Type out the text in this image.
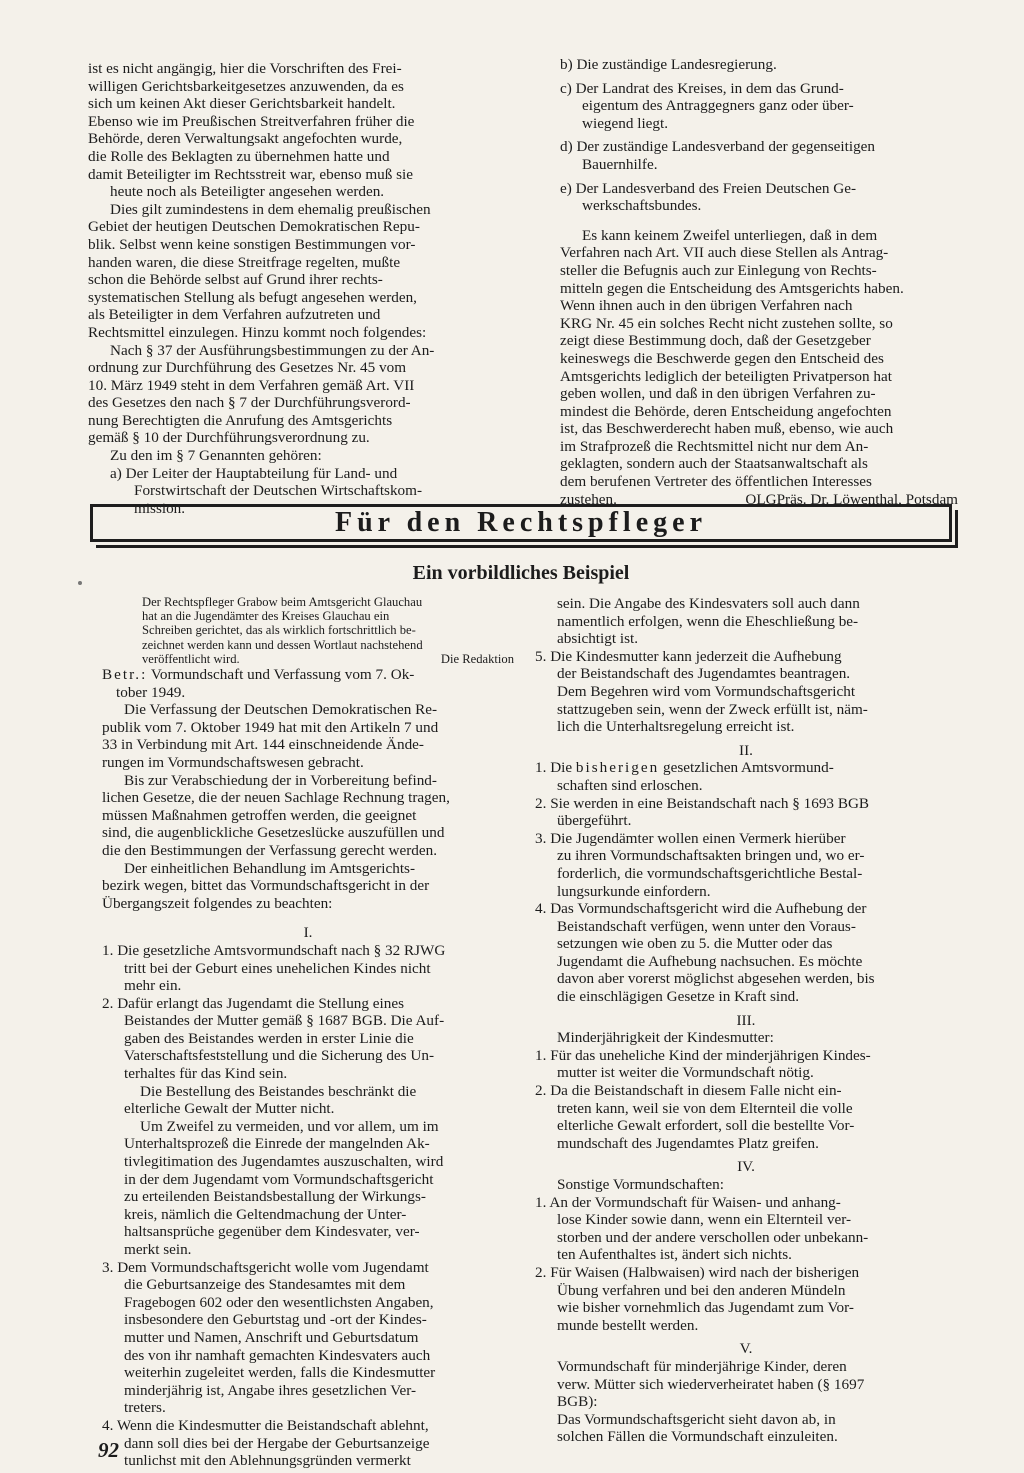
ist es nicht angängig, hier die Vorschriften des Frei-

willigen Gerichtsbarkeitgesetzes anzuwenden, da es

sich um keinen Akt dieser Gerichtsbarkeit handelt.

Ebenso wie im Preußischen Streitverfahren früher die

Behörde, deren Verwaltungsakt angefochten wurde,

die Rolle des Beklagten zu übernehmen hatte und

damit Beteiligter im Rechtsstreit war, ebenso muß sie

heute noch als Beteiligter angesehen werden.

Dies gilt zumindestens in dem ehemalig preußischen

Gebiet der heutigen Deutschen Demokratischen Repu-

blik. Selbst wenn keine sonstigen Bestimmungen vor-

handen waren, die diese Streitfrage regelten, mußte

schon die Behörde selbst auf Grund ihrer rechts-

systematischen Stellung als befugt angesehen werden,

als Beteiligter in dem Verfahren aufzutreten und

Rechtsmittel einzulegen. Hinzu kommt noch folgendes:

Nach § 37 der Ausführungsbestimmungen zu der An-

ordnung zur Durchführung des Gesetzes Nr. 45 vom

10. März 1949 steht in dem Verfahren gemäß Art. VII

des Gesetzes den nach § 7 der Durchführungsverord-

nung Berechtigten die Anrufung des Amtsgerichts

gemäß § 10 der Durchführungsverordnung zu.

Zu den im § 7 Genannten gehören:

a) Der Leiter der Hauptabteilung für Land- und

Forstwirtschaft der Deutschen Wirtschaftskom-

mission.

b) Die zuständige Landesregierung.

c) Der Landrat des Kreises, in dem das Grund-

eigentum des Antraggegners ganz oder über-

wiegend liegt.

d) Der zuständige Landesverband der gegenseitigen

Bauernhilfe.

e) Der Landesverband des Freien Deutschen Ge-

werkschaftsbundes.

Es kann keinem Zweifel unterliegen, daß in dem

Verfahren nach Art. VII auch diese Stellen als Antrag-

steller die Befugnis auch zur Einlegung von Rechts-

mitteln gegen die Entscheidung des Amtsgerichts haben.

Wenn ihnen auch in den übrigen Verfahren nach

KRG Nr. 45 ein solches Recht nicht zustehen sollte, so

zeigt diese Bestimmung doch, daß der Gesetzgeber

keineswegs die Beschwerde gegen den Entscheid des

Amtsgerichts lediglich der beteiligten Privatperson hat

geben wollen, und daß in den übrigen Verfahren zu-

mindest die Behörde, deren Entscheidung angefochten

ist, das Beschwerderecht haben muß, ebenso, wie auch

im Strafprozeß die Rechtsmittel nicht nur dem An-

geklagten, sondern auch der Staatsanwaltschaft als

dem berufenen Vertreter des öffentlichen Interesses

zustehen.	OLGPräs. Dr. Löwenthal, Potsdam
Für den Rechtspfleger
Ein vorbildliches Beispiel

Der Rechtspfleger Grabow beim Amtsgericht Glauchau

hat an die Jugendämter des Kreises Glauchau ein

Schreiben gerichtet, das als wirklich fortschrittlich be-

zeichnet werden kann und dessen Wortlaut nachstehend

veröffentlicht wird.	Die Redaktion

Betr.: Vormundschaft und Verfassung vom 7. Ok-

tober 1949.

Die Verfassung der Deutschen Demokratischen Re-

publik vom 7. Oktober 1949 hat mit den Artikeln 7 und

33 in Verbindung mit Art. 144 einschneidende Ände-

rungen im Vormundschaftswesen gebracht.

Bis zur Verabschiedung der in Vorbereitung befind-

lichen Gesetze, die der neuen Sachlage Rechnung tragen,

müssen Maßnahmen getroffen werden, die geeignet

sind, die augenblickliche Gesetzeslücke auszufüllen und

die den Bestimmungen der Verfassung gerecht werden.

Der einheitlichen Behandlung im Amtsgerichts-

bezirk wegen, bittet das Vormundschaftsgericht in der

Übergangszeit folgendes zu beachten:

I.

1. Die gesetzliche Amtsvormundschaft nach § 32 RJWG

tritt bei der Geburt eines unehelichen Kindes nicht

mehr ein.

2. Dafür erlangt das Jugendamt die Stellung eines

Beistandes der Mutter gemäß § 1687 BGB. Die Auf-

gaben des Beistandes werden in erster Linie die

Vaterschaftsfeststellung und die Sicherung des Un-

terhaltes für das Kind sein.

Die Bestellung des Beistandes beschränkt die

elterliche Gewalt der Mutter nicht.

Um Zweifel zu vermeiden, und vor allem, um im

Unterhaltsprozeß die Einrede der mangelnden Ak-

tivlegitimation des Jugendamtes auszuschalten, wird

in der dem Jugendamt vom Vormundschaftsgericht

zu erteilenden Beistandsbestallung der Wirkungs-

kreis, nämlich die Geltendmachung der Unter-

haltsansprüche gegenüber dem Kindesvater, ver-

merkt sein.

3. Dem Vormundschaftsgericht wolle vom Jugendamt

die Geburtsanzeige des Standesamtes mit dem

Fragebogen 602 oder den wesentlichsten Angaben,

insbesondere den Geburtstag und -ort der Kindes-

mutter und Namen, Anschrift und Geburtsdatum

des von ihr namhaft gemachten Kindesvaters auch

weiterhin zugeleitet werden, falls die Kindesmutter

minderjährig ist, Angabe ihres gesetzlichen Ver-

treters.

4. Wenn die Kindesmutter die Beistandschaft ablehnt,

dann soll dies bei der Hergabe der Geburtsanzeige

tunlichst mit den Ablehnungsgründen vermerkt

sein. Die Angabe des Kindesvaters soll auch dann

namentlich erfolgen, wenn die Eheschließung be-

absichtigt ist.

5. Die Kindesmutter kann jederzeit die Aufhebung

der Beistandschaft des Jugendamtes beantragen.

Dem Begehren wird vom Vormundschaftsgericht

stattzugeben sein, wenn der Zweck erfüllt ist, näm-

lich die Unterhaltsregelung erreicht ist.

II.

1. Die bisherigen gesetzlichen Amtsvormund-

schaften sind erloschen.

2. Sie werden in eine Beistandschaft nach § 1693 BGB

übergeführt.

3. Die Jugendämter wollen einen Vermerk hierüber

zu ihren Vormundschaftsakten bringen und, wo er-

forderlich, die vormundschaftsgerichtliche Bestal-

lungsurkunde einfordern.

4. Das Vormundschaftsgericht wird die Aufhebung der

Beistandschaft verfügen, wenn unter den Voraus-

setzungen wie oben zu 5. die Mutter oder das

Jugendamt die Aufhebung nachsuchen. Es möchte

davon aber vorerst möglichst abgesehen werden, bis

die einschlägigen Gesetze in Kraft sind.

III.

Minderjährigkeit der Kindesmutter:

1. Für das uneheliche Kind der minderjährigen Kindes-

mutter ist weiter die Vormundschaft nötig.

2. Da die Beistandschaft in diesem Falle nicht ein-

treten kann, weil sie von dem Elternteil die volle

elterliche Gewalt erfordert, soll die bestellte Vor-

mundschaft des Jugendamtes Platz greifen.

IV.

Sonstige Vormundschaften:

1. An der Vormundschaft für Waisen- und anhang-

lose Kinder sowie dann, wenn ein Elternteil ver-

storben und der andere verschollen oder unbekann-

ten Aufenthaltes ist, ändert sich nichts.

2. Für Waisen (Halbwaisen) wird nach der bisherigen

Übung verfahren und bei den anderen Mündeln

wie bisher vornehmlich das Jugendamt zum Vor-

munde bestellt werden.

V.

Vormundschaft für minderjährige Kinder, deren

verw. Mütter sich wiederverheiratet haben (§ 1697

BGB):

Das Vormundschaftsgericht sieht davon ab, in

solchen Fällen die Vormundschaft einzuleiten.

92
